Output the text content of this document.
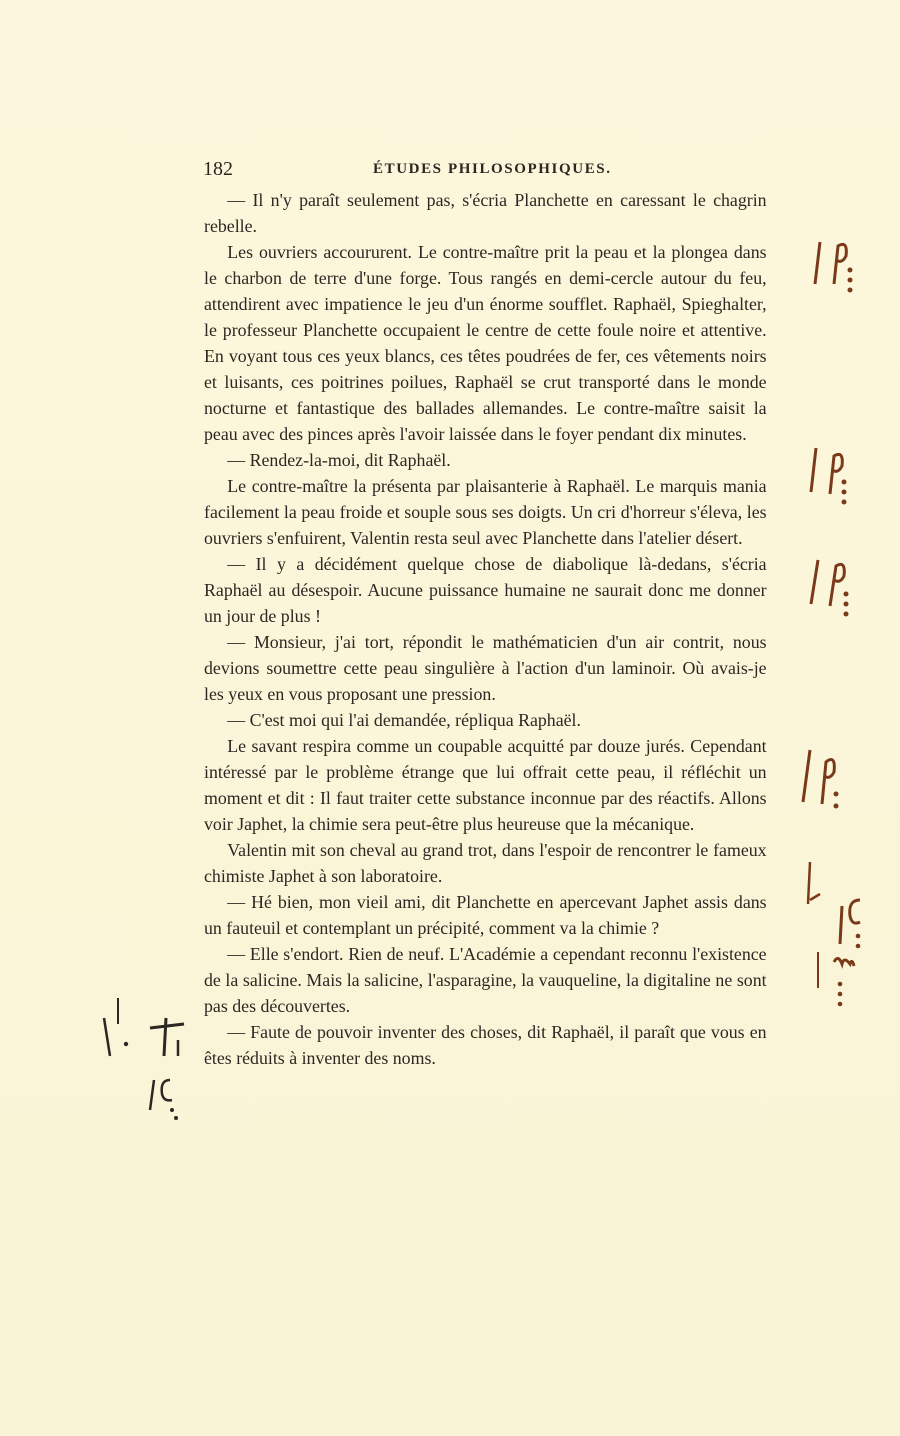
182	ÉTUDES PHILOSOPHIQUES.

— Il n'y paraît seulement pas, s'écria Planchette en caressant le chagrin rebelle.

Les ouvriers accoururent. Le contre-maître prit la peau et la plongea dans le charbon de terre d'une forge. Tous rangés en demi-cercle autour du feu, attendirent avec impatience le jeu d'un énorme soufflet. Raphaël, Spieghalter, le professeur Planchette occupaient le centre de cette foule noire et attentive. En voyant tous ces yeux blancs, ces têtes poudrées de fer, ces vêtements noirs et luisants, ces poitrines poilues, Raphaël se crut transporté dans le monde nocturne et fantastique des ballades allemandes. Le contre-maître saisit la peau avec des pinces après l'avoir laissée dans le foyer pendant dix minutes.

— Rendez-la-moi, dit Raphaël.

Le contre-maître la présenta par plaisanterie à Raphaël. Le marquis mania facilement la peau froide et souple sous ses doigts. Un cri d'horreur s'éleva, les ouvriers s'enfuirent, Valentin resta seul avec Planchette dans l'atelier désert.

— Il y a décidément quelque chose de diabolique là-dedans, s'écria Raphaël au désespoir. Aucune puissance humaine ne saurait donc me donner un jour de plus !

— Monsieur, j'ai tort, répondit le mathématicien d'un air contrit, nous devions soumettre cette peau singulière à l'action d'un laminoir. Où avais-je les yeux en vous proposant une pression.

— C'est moi qui l'ai demandée, répliqua Raphaël.

Le savant respira comme un coupable acquitté par douze jurés. Cependant intéressé par le problème étrange que lui offrait cette peau, il réfléchit un moment et dit : Il faut traiter cette substance inconnue par des réactifs. Allons voir Japhet, la chimie sera peut-être plus heureuse que la mécanique.

Valentin mit son cheval au grand trot, dans l'espoir de rencontrer le fameux chimiste Japhet à son laboratoire.

— Hé bien, mon vieil ami, dit Planchette en apercevant Japhet assis dans un fauteuil et contemplant un précipité, comment va la chimie ?

— Elle s'endort. Rien de neuf. L'Académie a cependant reconnu l'existence de la salicine. Mais la salicine, l'asparagine, la vauqueline, la digitaline ne sont pas des découvertes.

— Faute de pouvoir inventer des choses, dit Raphaël, il paraît que vous en êtes réduits à inventer des noms.
